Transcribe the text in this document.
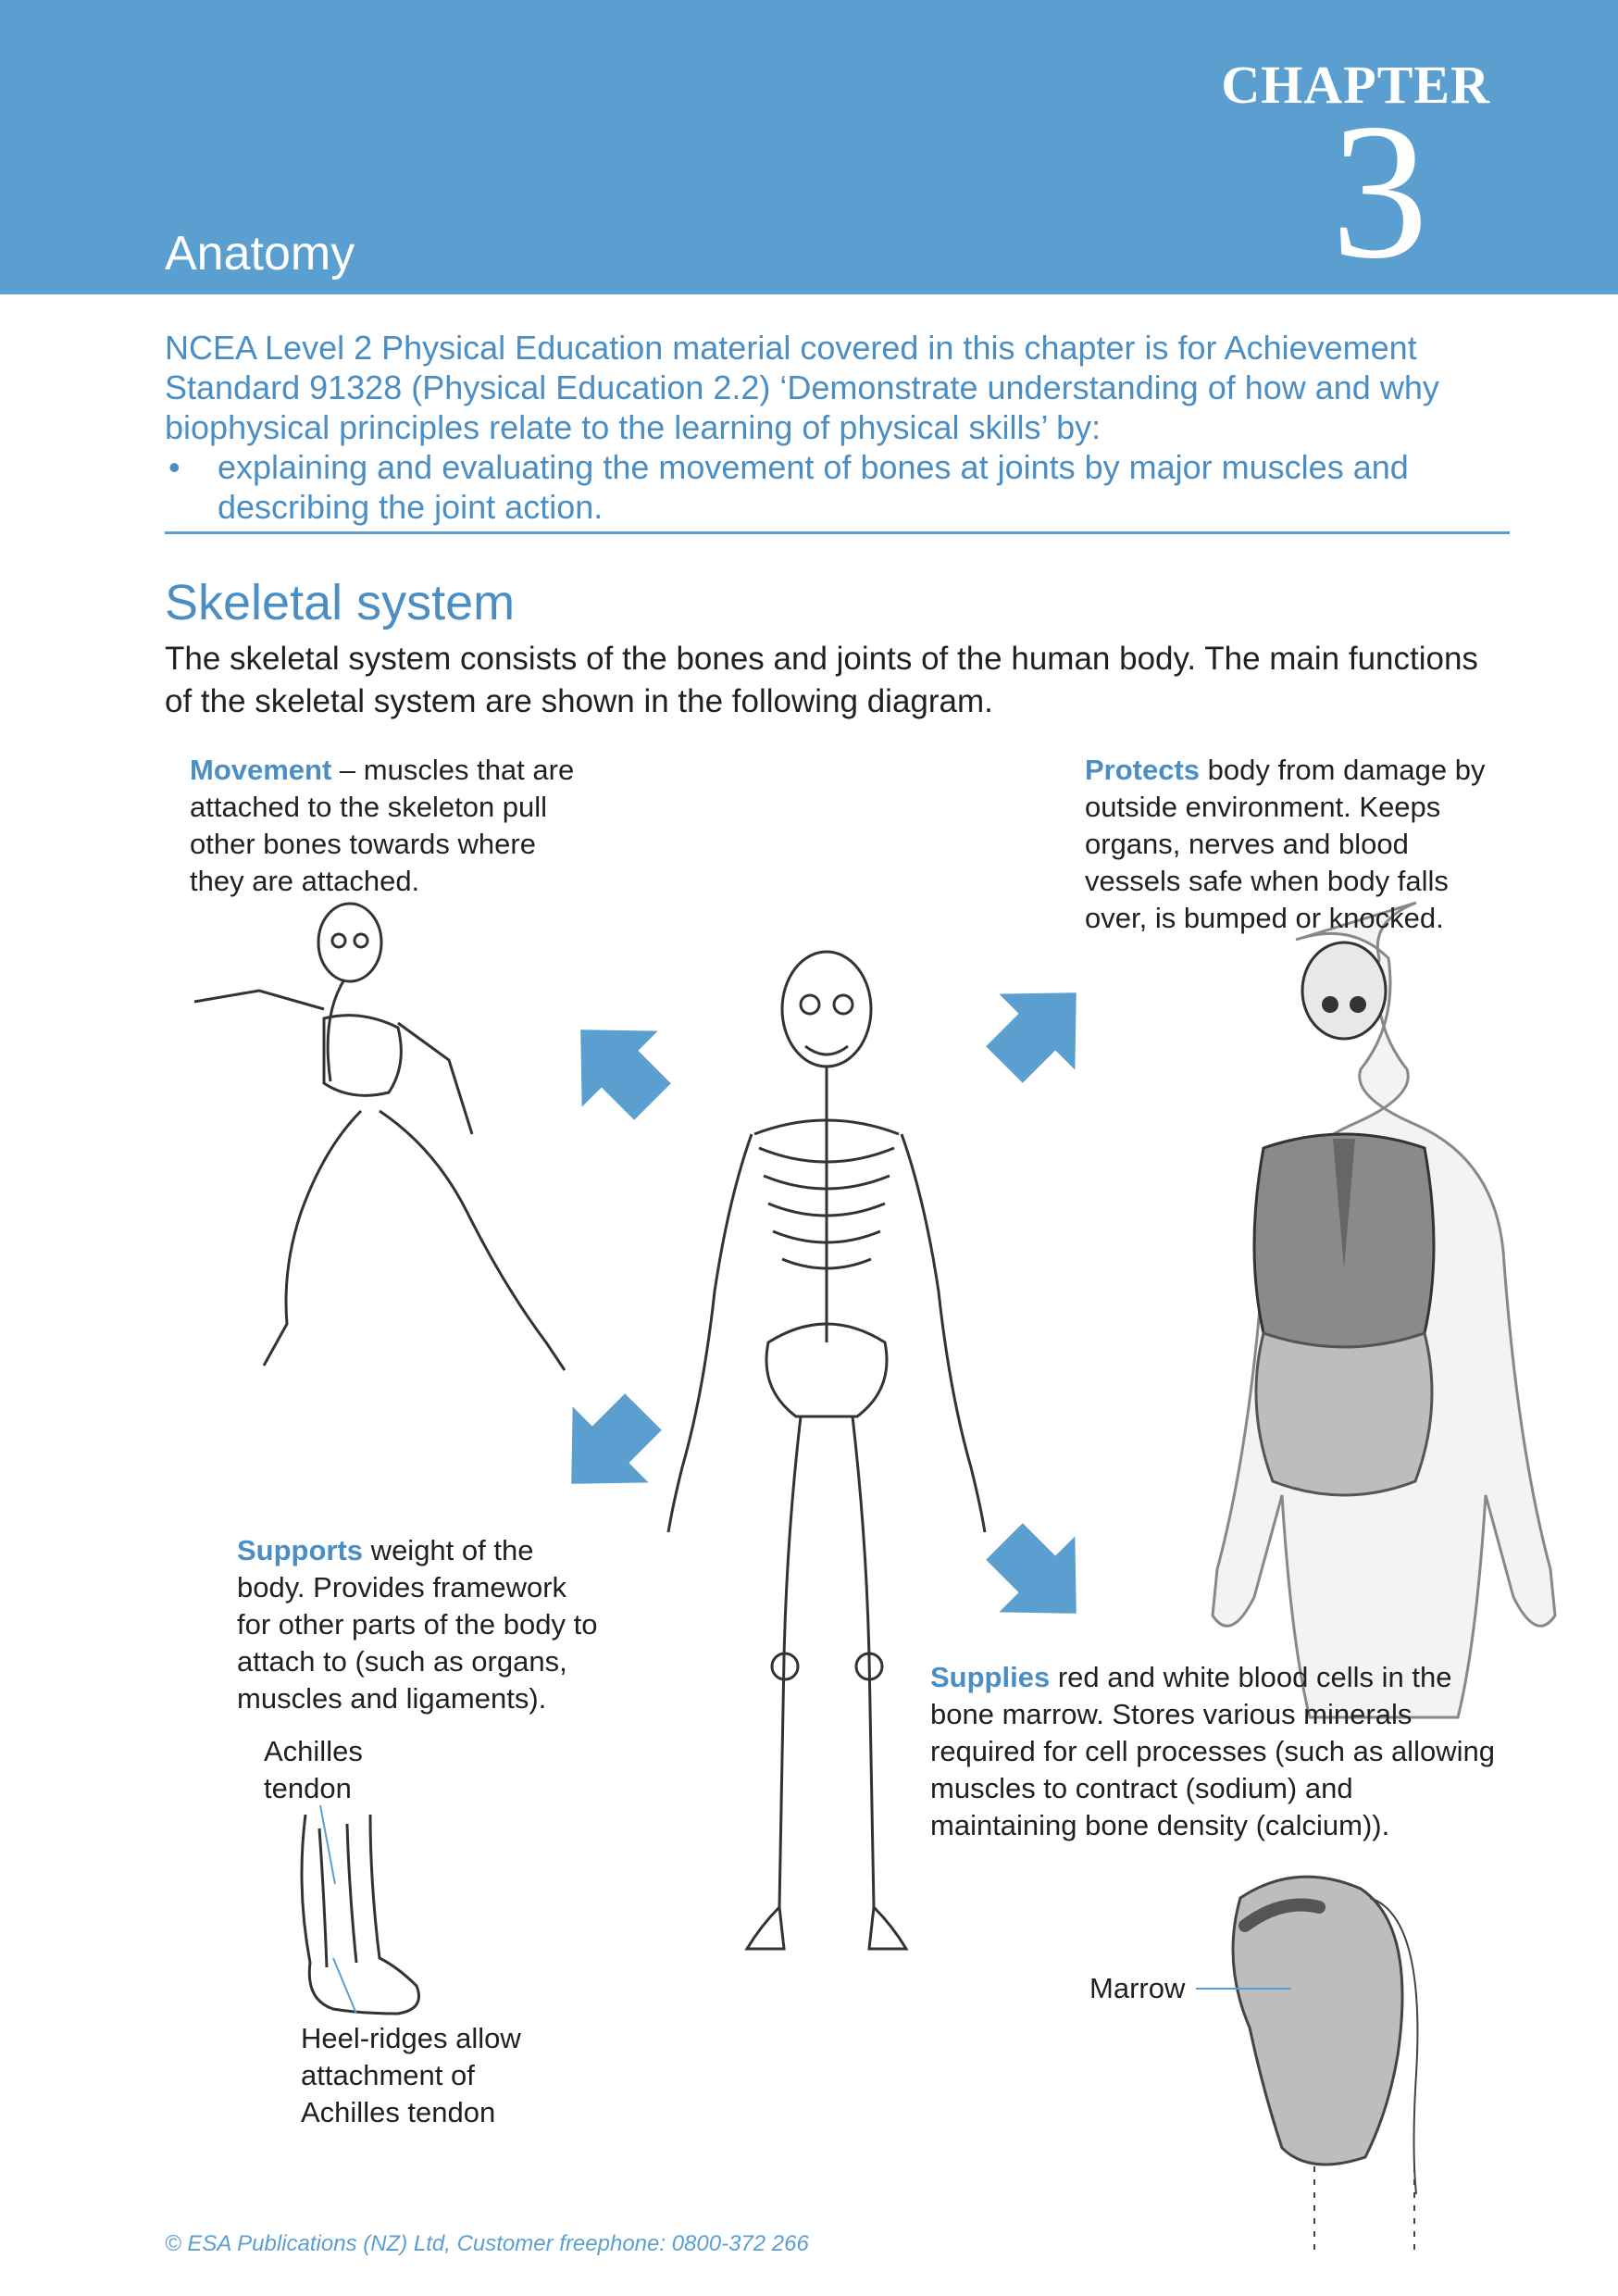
CHAPTER
3
Anatomy

NCEA Level 2 Physical Education material covered in this chapter is for Achievement Standard 91328 (Physical Education 2.2) ‘Demonstrate understanding of how and why biophysical principles relate to the learning of physical skills’ by:

• explaining and evaluating the movement of bones at joints by major muscles and describing the joint action.
Skeletal system

The skeletal system consists of the bones and joints of the human body. The main functions of the skeletal system are shown in the following diagram.

Movement – muscles that are attached to the skeleton pull other bones towards where they are attached.

Protects body from damage by outside environment. Keeps organs, nerves and blood vessels safe when body falls over, is bumped or knocked.

Supports weight of the body. Provides framework for other parts of the body to attach to (such as organs, muscles and ligaments).

Supplies red and white blood cells in the bone marrow. Stores various minerals required for cell processes (such as allowing muscles to contract (sodium) and maintaining bone density (calcium)).

Achilles tendon

Heel-ridges allow attachment of Achilles tendon

Marrow

© ESA Publications (NZ) Ltd, Customer freephone: 0800-372 266
